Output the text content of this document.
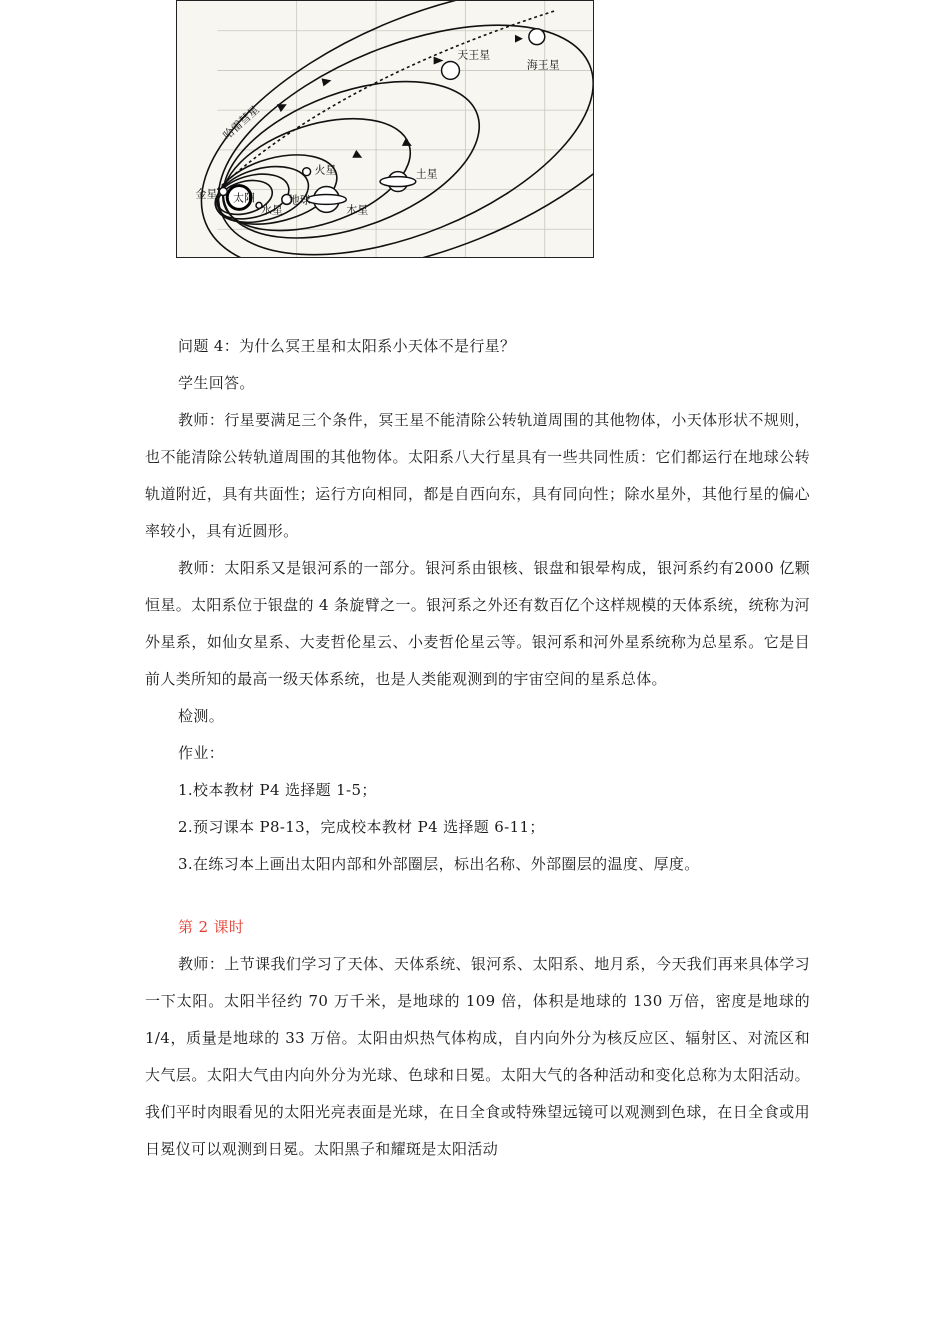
天王星
海王星
土星
木星
火星
地球
金星
水星
太阳
哈雷彗星

问题 4：为什么冥王星和太阳系小天体不是行星？

学生回答。

教师：行星要满足三个条件，冥王星不能清除公转轨道周围的其他物体，小天体形状不规则，也不能清除公转轨道周围的其他物体。太阳系八大行星具有一些共同性质：它们都运行在地球公转轨道附近，具有共面性；运行方向相同，都是自西向东，具有同向性；除水星外，其他行星的偏心率较小，具有近圆形。

教师：太阳系又是银河系的一部分。银河系由银核、银盘和银晕构成，银河系约有2000 亿颗恒星。太阳系位于银盘的 4 条旋臂之一。银河系之外还有数百亿个这样规模的天体系统，统称为河外星系，如仙女星系、大麦哲伦星云、小麦哲伦星云等。银河系和河外星系统称为总星系。它是目前人类所知的最高一级天体系统，也是人类能观测到的宇宙空间的星系总体。

检测。

作业：

1.校本教材 P4 选择题 1-5；

2.预习课本 P8-13，完成校本教材 P4 选择题 6-11；

3.在练习本上画出太阳内部和外部圈层，标出名称、外部圈层的温度、厚度。

第 2 课时

教师：上节课我们学习了天体、天体系统、银河系、太阳系、地月系，今天我们再来具体学习一下太阳。太阳半径约 70 万千米，是地球的 109 倍，体积是地球的 130 万倍，密度是地球的 1/4，质量是地球的 33 万倍。太阳由炽热气体构成，自内向外分为核反应区、辐射区、对流区和大气层。太阳大气由内向外分为光球、色球和日冕。太阳大气的各种活动和变化总称为太阳活动。我们平时肉眼看见的太阳光亮表面是光球，在日全食或特殊望远镜可以观测到色球，在日全食或用日冕仪可以观测到日冕。太阳黑子和耀斑是太阳活动
